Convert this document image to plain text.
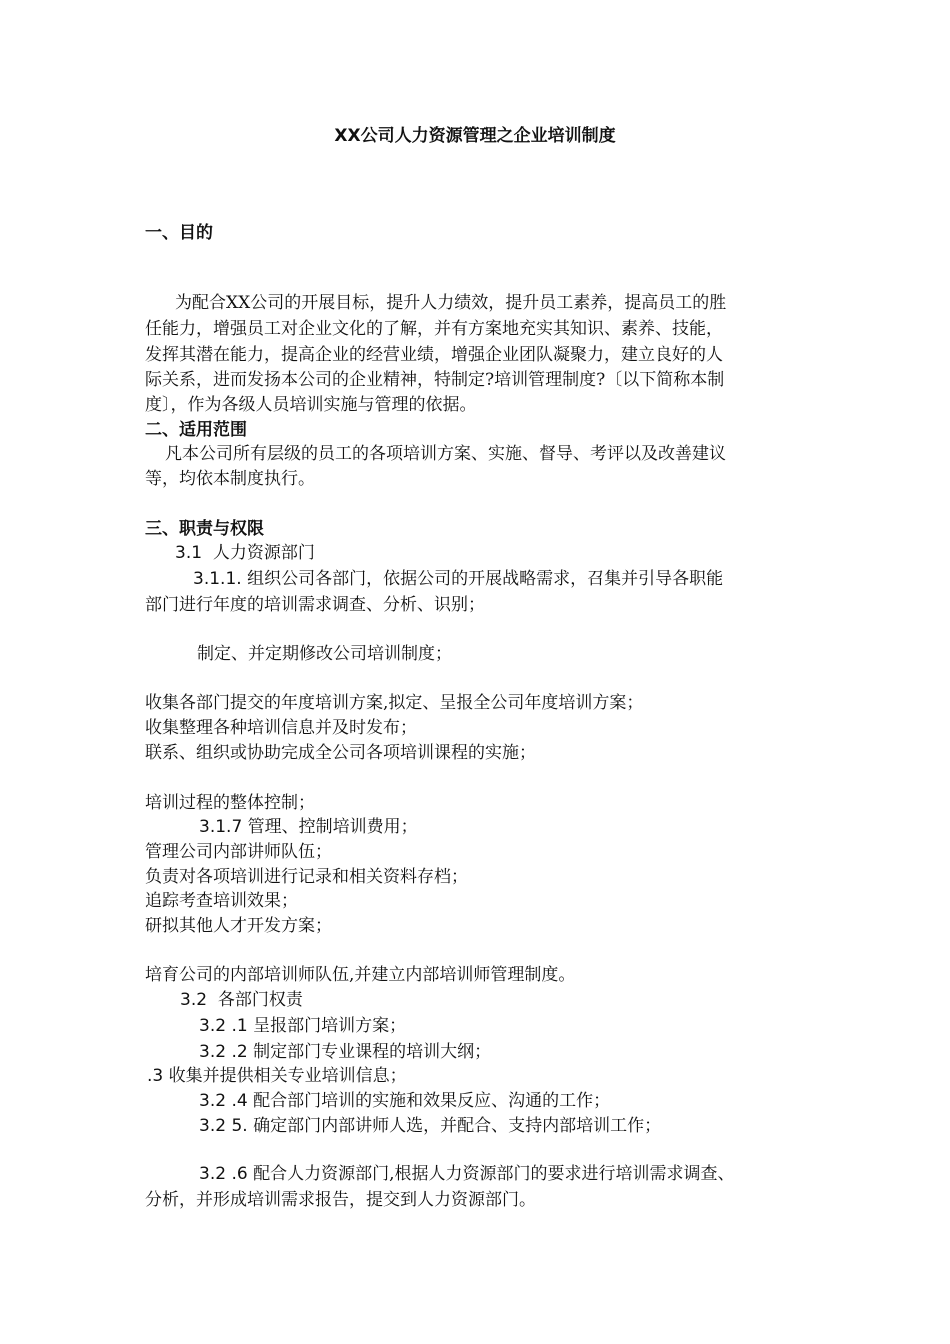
XX公司人力资源管理之企业培训制度
一、目的
为配合XX公司的开展目标，提升人力绩效，提升员工素养，提高员工的胜
任能力，增强员工对企业文化的了解，并有方案地充实其知识、素养、技能，
发挥其潜在能力，提高企业的经营业绩，增强企业团队凝聚力，建立良好的人
际关系，进而发扬本公司的企业精神，特制定?培训管理制度?〔以下简称本制
度〕，作为各级人员培训实施与管理的依据。
二、适用范围
凡本公司所有层级的员工的各项培训方案、实施、督导、考评以及改善建议
等，均依本制度执行。
三、职责与权限
3.1 人力资源部门
3.1.1. 组织公司各部门，依据公司的开展战略需求，召集并引导各职能
部门进行年度的培训需求调查、分析、识别；
制定、并定期修改公司培训制度；
收集各部门提交的年度培训方案,拟定、呈报全公司年度培训方案；
收集整理各种培训信息并及时发布；
联系、组织或协助完成全公司各项培训课程的实施；
培训过程的整体控制；
3.1.7 管理、控制培训费用；
管理公司内部讲师队伍；
负责对各项培训进行记录和相关资料存档；
追踪考查培训效果；
研拟其他人才开发方案；
培育公司的内部培训师队伍,并建立内部培训师管理制度。
3.2 各部门权责
3.2 .1 呈报部门培训方案；
3.2 .2 制定部门专业课程的培训大纲；
.3 收集并提供相关专业培训信息；
3.2 .4 配合部门培训的实施和效果反应、沟通的工作；
3.2 5. 确定部门内部讲师人选，并配合、支持内部培训工作；
3.2 .6 配合人力资源部门,根据人力资源部门的要求进行培训需求调查、
分析，并形成培训需求报告，提交到人力资源部门。
